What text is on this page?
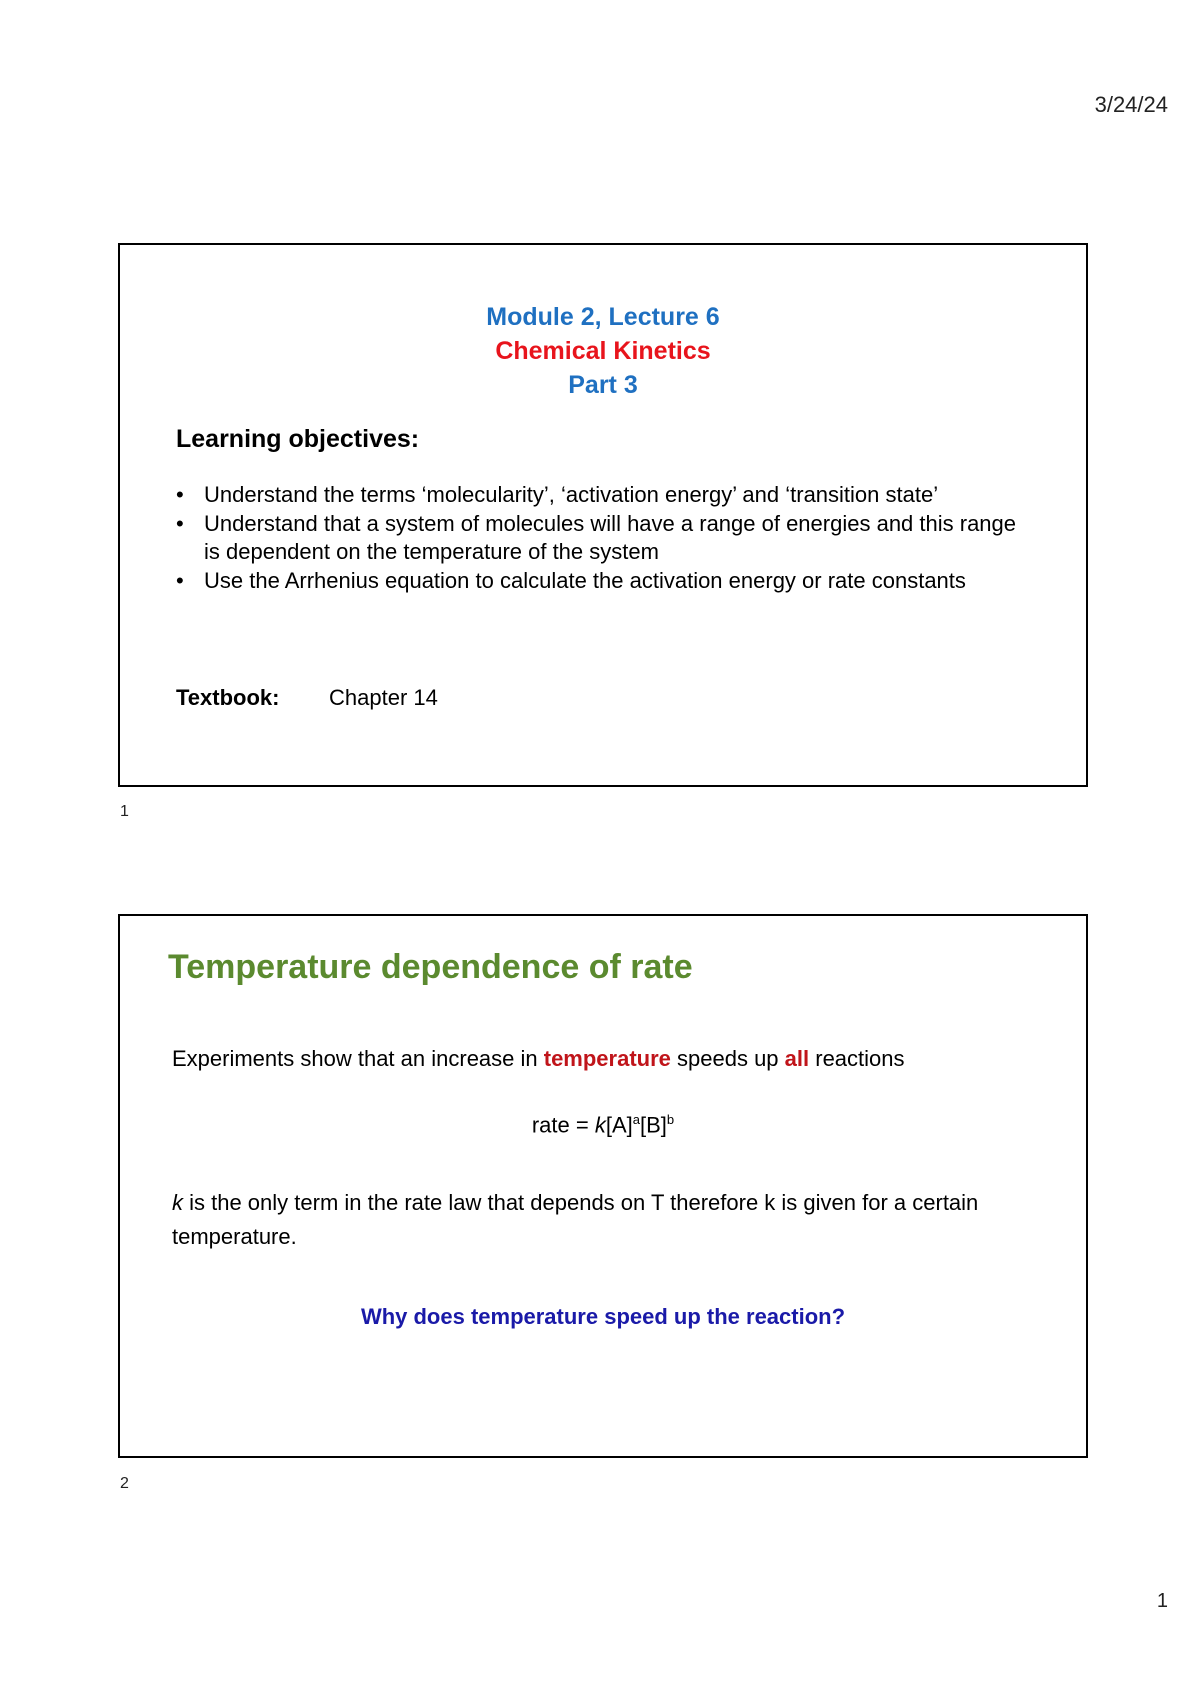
3/24/24
Module 2, Lecture 6
Chemical Kinetics
Part 3
Learning objectives:
• Understand the terms ‘molecularity’, ‘activation energy’ and ‘transition state’
• Understand that a system of molecules will have a range of energies and this range is dependent on the temperature of the system
• Use the Arrhenius equation to calculate the activation energy or rate constants
Textbook: Chapter 14
1
Temperature dependence of rate
Experiments show that an increase in temperature speeds up all reactions
rate = $k[A]^a[B]^b$
k is the only term in the rate law that depends on T therefore k is given for a certain temperature.
Why does temperature speed up the reaction?
2
1
